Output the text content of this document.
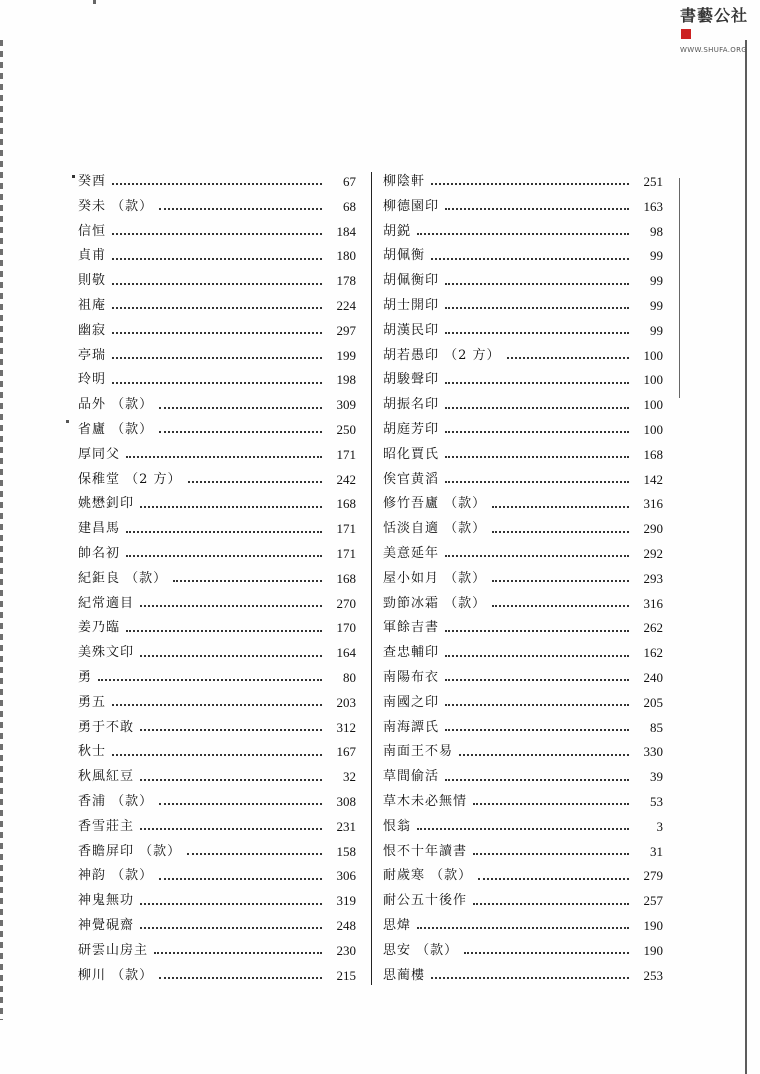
書藝公社
WWW.SHUFA.ORG
癸酉	67
癸未 （款）	68
信恒	184
貞甫	180
則敬	178
祖庵	224
幽寂	297
亭瑞	199
玲明	198
品外 （款）	309
省廬 （款）	250
厚同父	171
保稚堂 （2 方）	242
姚懋釗印	168
建昌馬	171
帥名初	171
紀鉅良 （款）	168
紀常適目	270
姜乃臨	170
美殊文印	164
勇	80
勇五	203
勇于不敢	312
秋士	167
秋風紅豆	32
香浦 （款）	308
香雪莊主	231
香瞻屏印 （款）	158
神韵 （款）	306
神鬼無功	319
神覺硯齋	248
研雲山房主	230
柳川 （款）	215
柳陰軒	251
柳德園印	163
胡鋭	98
胡佩衡	99
胡佩衡印	99
胡士開印	99
胡漢民印	99
胡若愚印 （2 方）	100
胡駿聲印	100
胡振名印	100
胡庭芳印	100
昭化賈氏	168
俟官黄滔	142
修竹吾廬 （款）	316
恬淡自適 （款）	290
美意延年	292
屋小如月 （款）	293
勁節冰霜 （款）	316
軍餘吉書	262
查忠輔印	162
南陽布衣	240
南國之印	205
南海譚氏	85
南面王不易	330
草間偷活	39
草木未必無情	53
恨翁	3
恨不十年讀書	31
耐歲寒 （款）	279
耐公五十後作	257
思煒	190
思安 （款）	190
思蔺樓	253
